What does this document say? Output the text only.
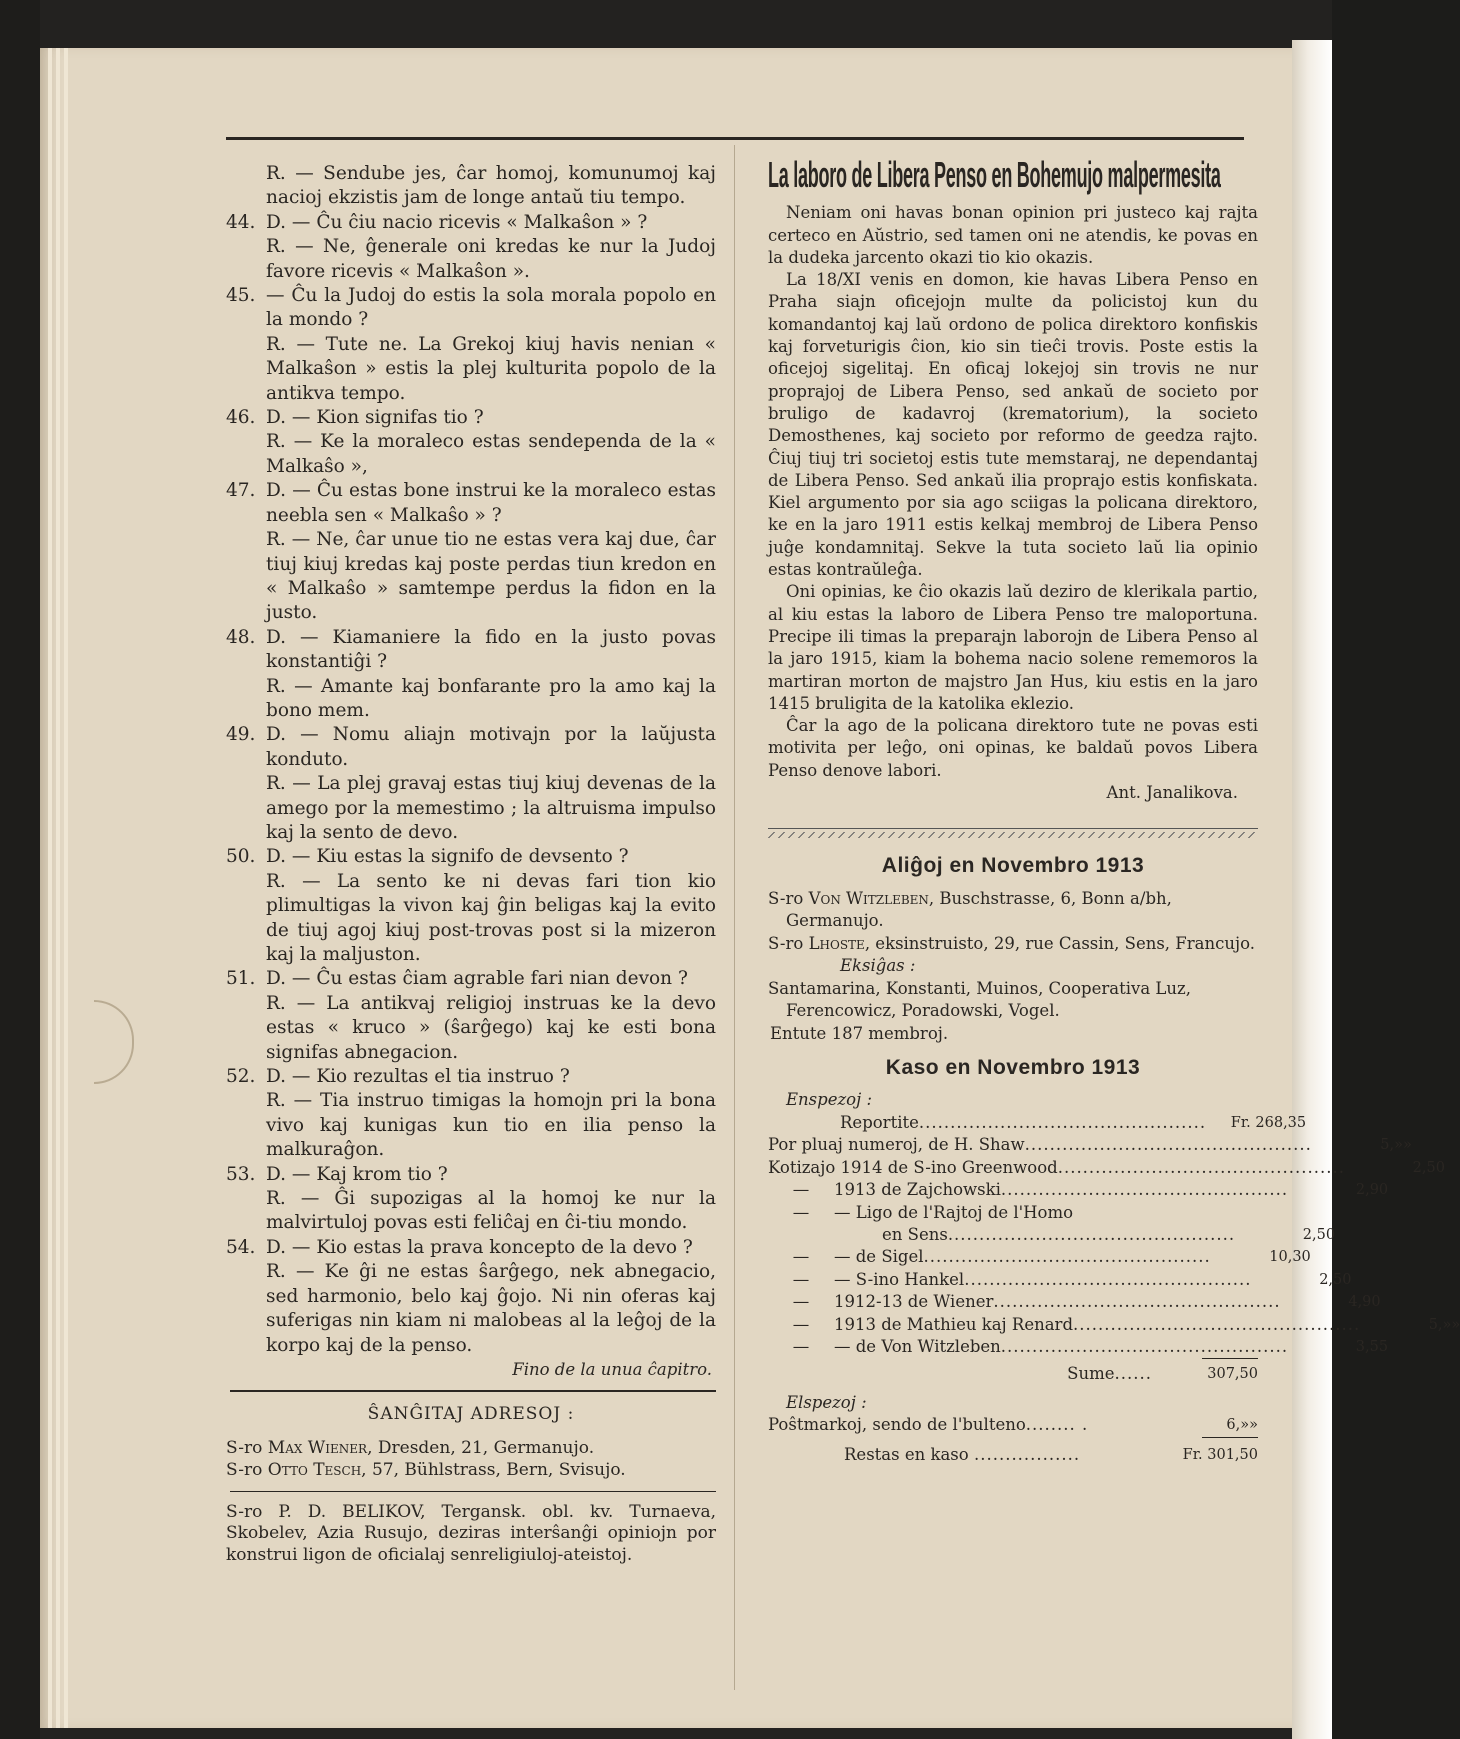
R. — Sendube jes, ĉar homoj, komunumoj kaj nacioj ekzistis jam de longe antaŭ tiu tempo.
44. D. — Ĉu ĉiu nacio ricevis « Malkaŝon » ?
R. — Ne, ĝenerale oni kredas ke nur la Judoj favore ricevis « Malkaŝon ».
45. — Ĉu la Judoj do estis la sola morala popolo en la mondo ?
R. — Tute ne. La Grekoj kiuj havis nenian « Malkaŝon » estis la plej kulturita popolo de la antikva tempo.
46. D. — Kion signifas tio ?
R. — Ke la moraleco estas sendependa de la « Malkaŝo »,
47. D. — Ĉu estas bone instrui ke la moraleco estas neebla sen « Malkaŝo » ?
R. — Ne, ĉar unue tio ne estas vera kaj due, ĉar tiuj kiuj kredas kaj poste perdas tiun kredon en « Malkaŝo » samtempe perdus la fidon en la justo.
48. D. — Kiamaniere la fido en la justo povas konstantiĝi ?
R. — Amante kaj bonfarante pro la amo kaj la bono mem.
49. D. — Nomu aliajn motivajn por la laŭjusta konduto.
R. — La plej gravaj estas tiuj kiuj devenas de la amego por la memestimo ; la altruisma impulso kaj la sento de devo.
50. D. — Kiu estas la signifo de devsento ?
R. — La sento ke ni devas fari tion kio plimultigas la vivon kaj ĝin beligas kaj la evito de tiuj agoj kiuj post-trovas post si la mizeron kaj la maljuston.
51. D. — Ĉu estas ĉiam agrable fari nian devon ?
R. — La antikvaj religioj instruas ke la devo estas « kruco » (ŝarĝego) kaj ke esti bona signifas abnegacion.
52. D. — Kio rezultas el tia instruo ?
R. — Tia instruo timigas la homojn pri la bona vivo kaj kunigas kun tio en ilia penso la malkuraĝon.
53. D. — Kaj krom tio ?
R. — Ĝi supozigas al la homoj ke nur la malvirtuloj povas esti feliĉaj en ĉi-tiu mondo.
54. D. — Kio estas la prava koncepto de la devo ?
R. — Ke ĝi ne estas ŝarĝego, nek abnegacio, sed harmonio, belo kaj ĝojo. Ni nin oferas kaj suferigas nin kiam ni malobeas al la leĝoj de la korpo kaj de la penso.
Fino de la unua ĉapitro.
ŜANĜITAJ ADRESOJ :
S-ro Max Wiener, Dresden, 21, Germanujo.
S-ro Otto Tesch, 57, Bühlstrass, Bern, Svisujo.
S-ro P. D. BELIKOV, Tergansk. obl. kv. Turnaeva, Skobelev, Azia Rusujo, deziras interŝanĝi opiniojn por konstrui ligon de oficialaj senreligiuloj-ateistoj.
La laboro de Libera Penso en Bohemujo malpermesita
Neniam oni havas bonan opinion pri justeco kaj rajta certeco en Aŭstrio, sed tamen oni ne atendis, ke povas en la dudeka jarcento okazi tio kio okazis.
La 18/XI venis en domon, kie havas Libera Penso en Praha siajn oficejojn multe da policistoj kun du komandantoj kaj laŭ ordono de polica direktoro konfiskis kaj forveturigis ĉion, kio sin tieĉi trovis. Poste estis la oficejoj sigelitaj. En oficaj lokejoj sin trovis ne nur proprajoj de Libera Penso, sed ankaŭ de societo por bruligo de kadavroj (krematorium), la societo Demosthenes, kaj societo por reformo de geedza rajto. Ĉiuj tiuj tri societoj estis tute memstaraj, ne dependantaj de Libera Penso. Sed ankaŭ ilia proprajo estis konfiskata. Kiel argumento por sia ago sciigas la policana direktoro, ke en la jaro 1911 estis kelkaj membroj de Libera Penso juĝe kondamnitaj. Sekve la tuta societo laŭ lia opinio estas kontraŭleĝa.
Oni opinias, ke ĉio okazis laŭ deziro de klerikala partio, al kiu estas la laboro de Libera Penso tre maloportuna. Precipe ili timas la preparajn laborojn de Libera Penso al la jaro 1915, kiam la bohema nacio solene rememoros la martiran morton de majstro Jan Hus, kiu estis en la jaro 1415 bruligita de la katolika eklezio.
Ĉar la ago de la policana direktoro tute ne povas esti motivita per leĝo, oni opinas, ke baldaŭ povos Libera Penso denove labori.
Ant. Janalikova.
Aliĝoj en Novembro 1913
S-ro Von Witzleben, Buschstrasse, 6, Bonn a/bh, Germanujo.
S-ro Lhoste, eksinstruisto, 29, rue Cassin, Sens, Francujo.
Eksiĝas :
Santamarina, Konstanti, Muinos, Cooperativa Luz, Ferencowicz, Poradowski, Vogel.
Entute 187 membroj.
Kaso en Novembro 1913
Enspezoj :
Reportite..............................................	Fr. 268,35
Por pluaj numeroj, de H. Shaw..............................................	5,»»
Kotizajo 1914 de S-ino Greenwood..............................................	2,50
— 1913 de Zajchowski..............................................	2,90
— — Ligo de l'Rajtoj de l'Homo
en Sens..............................................	2,50
— — de Sigel..............................................	10,30
— — S-ino Hankel..............................................	2,50
— 1912-13 de Wiener..............................................	4,90
— 1913 de Mathieu kaj Renard..............................................	5,»»
— — de Von Witzleben..............................................	3,55
Sume......	307,50
Elspezoj :
Poŝtmarkoj, sendo de l'bulteno........ .	6,»»
Restas en kaso .................	Fr. 301,50
